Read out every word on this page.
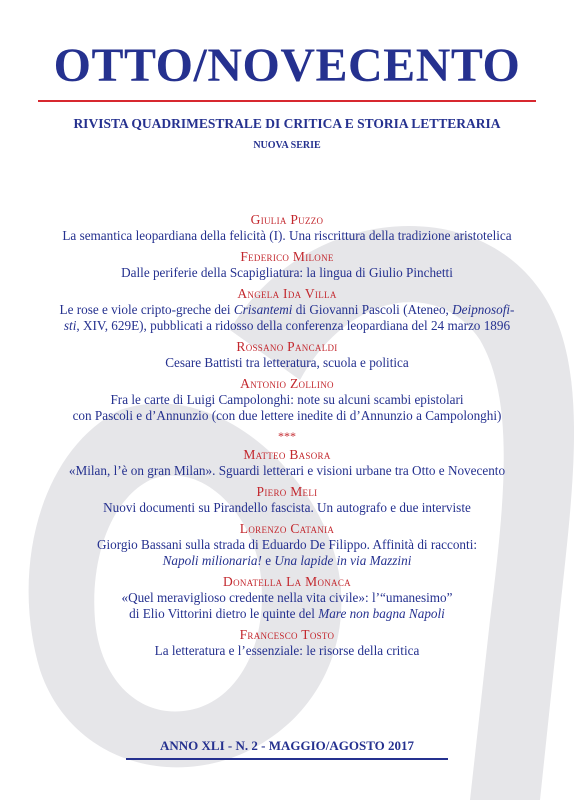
OTTO/NOVECENTO
RIVISTA QUADRIMESTRALE DI CRITICA E STORIA LETTERARIA
NUOVA SERIE
Giulia Puzzo
La semantica leopardiana della felicità (I). Una riscrittura della tradizione aristotelica
Federico Milone
Dalle periferie della Scapigliatura: la lingua di Giulio Pinchetti
Angela Ida Villa
Le rose e viole cripto-greche dei Crisantemi di Giovanni Pascoli (Ateneo, Deipnosofi-
sti, XIV, 629E), pubblicati a ridosso della conferenza leopardiana del 24 marzo 1896
Rossano Pancaldi
Cesare Battisti tra letteratura, scuola e politica
Antonio Zollino
Fra le carte di Luigi Campolonghi: note su alcuni scambi epistolari
con Pascoli e d’Annunzio (con due lettere inedite di d’Annunzio a Campolonghi)
***
Matteo Basora
«Milan, l’è on gran Milan». Sguardi letterari e visioni urbane tra Otto e Novecento
Piero Meli
Nuovi documenti su Pirandello fascista. Un autografo e due interviste
Lorenzo Catania
Giorgio Bassani sulla strada di Eduardo De Filippo. Affinità di racconti:
Napoli milionaria! e Una lapide in via Mazzini
Donatella La Monaca
«Quel meraviglioso credente nella vita civile»: l’“umanesimo”
di Elio Vittorini dietro le quinte del Mare non bagna Napoli
Francesco Tosto
La letteratura e l’essenziale: le risorse della critica
ANNO XLI - N. 2 - MAGGIO/AGOSTO 2017
